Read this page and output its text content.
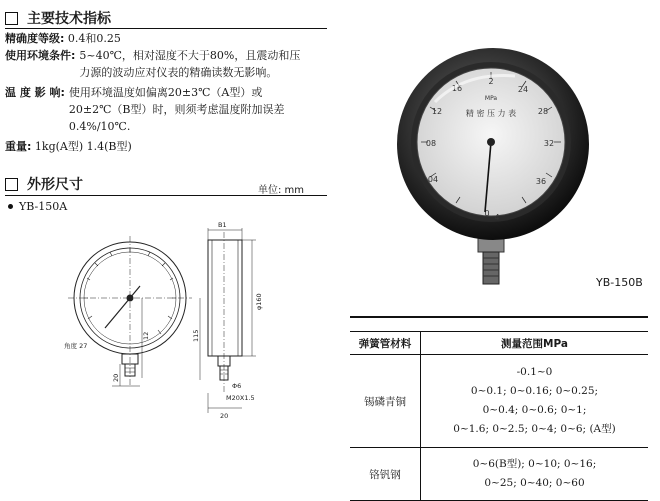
主要技术指标
精确度等级: 0.4和0.25
使用环境条件: 5~40℃，相对湿度不大于80%，且震动和压
力源的波动应对仪表的精确读数无影响。
温 度 影 响: 使用环境温度如偏离20±3℃（A型）或
20±2℃（B型）时，则须考虑温度附加误差
0.4%/10℃.
重量: 1kg(A型) 1.4(B型)
外形尺寸	单位: mm
YB-150A
B1
φ160
115
角度 27
12
20
Φ6
M20X1.5
20
0
04
08
12
16
2
24
28
32
36
4
MPa
精 密 压 力 表
YB-150B
弹簧管材料	测量范围MPa
锡磷青铜	-0.1~0
0~0.1; 0~0.16; 0~0.25;
0~0.4; 0~0.6; 0~1;
0~1.6; 0~2.5; 0~4; 0~6; (A型)

铬钒钢	0~6(B型); 0~10; 0~16;
0~25; 0~40; 0~60
